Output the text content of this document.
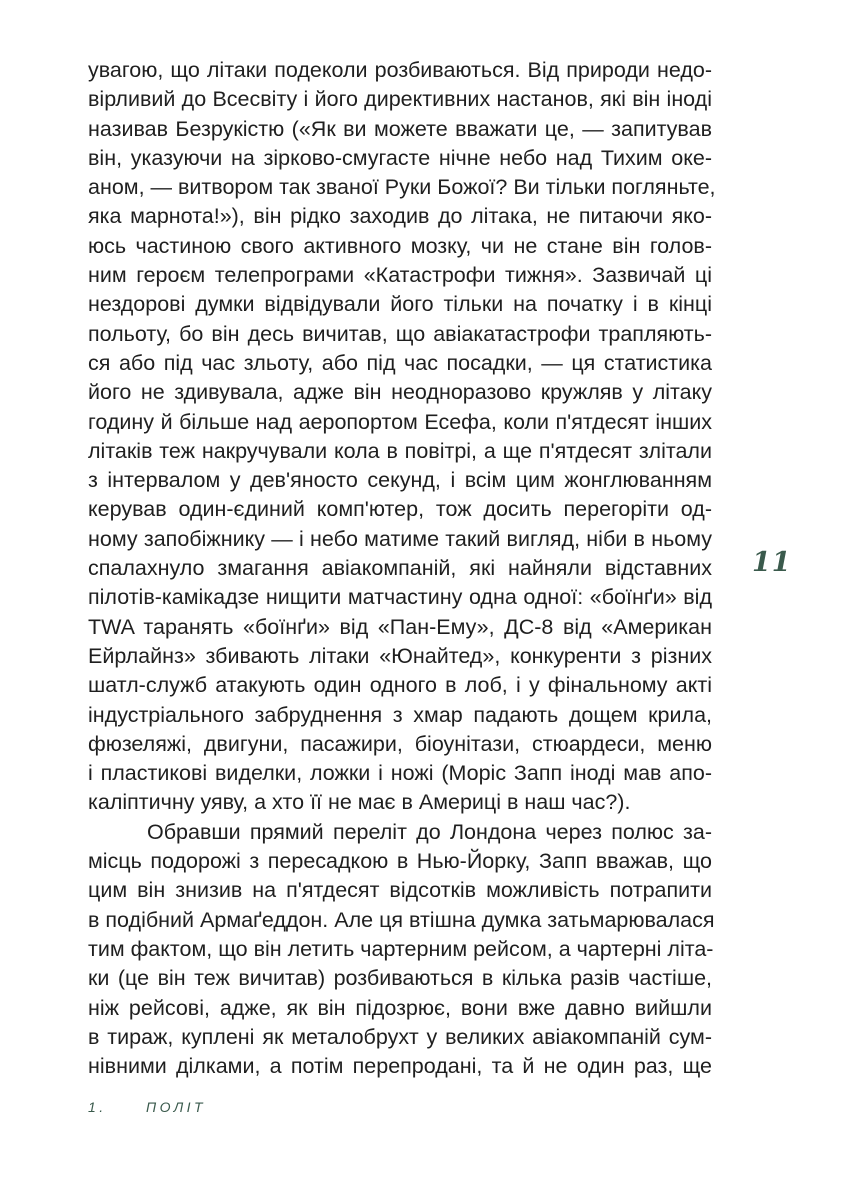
увагою, що літаки подеколи розбиваються. Від природи недо-
вірливий до Всесвіту і його директивних настанов, які він іноді
називав Безрукістю («Як ви можете вважати це, — запитував
він, указуючи на зірково-смугасте нічне небо над Тихим оке-
аном, — витвором так званої Руки Божої? Ви тільки погляньте,
яка марнота!»), він рідко заходив до літака, не питаючи яко-
юсь частиною свого активного мозку, чи не стане він голов-
ним героєм телепрограми «Катастрофи тижня». Зазвичай ці
нездорові думки відвідували його тільки на початку і в кінці
польоту, бо він десь вичитав, що авіакатастрофи трапляють-
ся або під час зльоту, або під час посадки, — ця статистика
його не здивувала, адже він неодноразово кружляв у літаку
годину й більше над аеропортом Есефа, коли п'ятдесят інших
літаків теж накручували кола в повітрі, а ще п'ятдесят злітали
з інтервалом у дев'яносто секунд, і всім цим жонглюванням
керував один-єдиний комп'ютер, тож досить перегоріти од-
ному запобіжнику — і небо матиме такий вигляд, ніби в ньому
спалахнуло змагання авіакомпаній, які найняли відставних
пілотів-камікадзе нищити матчастину одна одної: «боїнґи» від
TWA таранять «боїнґи» від «Пан-Ему», ДС-8 від «Американ
Ейрлайнз» збивають літаки «Юнайтед», конкуренти з різних
шатл-служб атакують один одного в лоб, і у фінальному акті
індустріального забруднення з хмар падають дощем крила,
фюзеляжі, двигуни, пасажири, біоунітази, стюардеси, меню
і пластикові виделки, ложки і ножі (Моріс Запп іноді мав апо-
каліптичну уяву, а хто її не має в Америці в наш час?).
Обравши прямий переліт до Лондона через полюс за-
місць подорожі з пересадкою в Нью-Йорку, Запп вважав, що
цим він знизив на п'ятдесят відсотків можливість потрапити
в подібний Армаґеддон. Але ця втішна думка затьмарювалася
тим фактом, що він летить чартерним рейсом, а чартерні літа-
ки (це він теж вичитав) розбиваються в кілька разів частіше,
ніж рейсові, адже, як він підозрює, вони вже давно вийшли
в тираж, куплені як металобрухт у великих авіакомпаній сум-
нівними ділками, а потім перепродані, та й не один раз, ще
11
1.	ПОЛІТ
